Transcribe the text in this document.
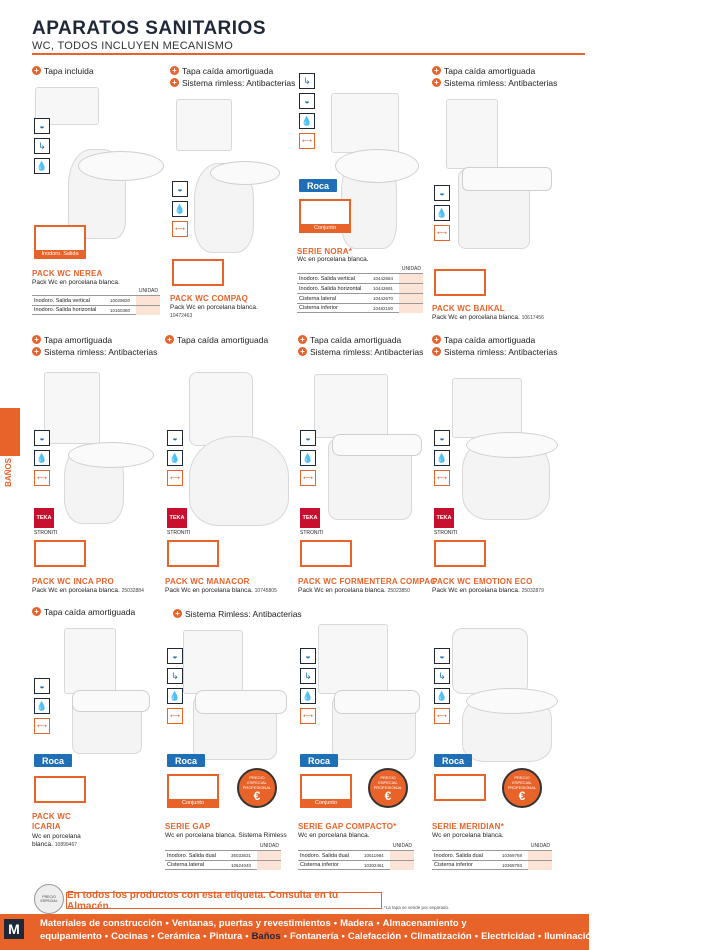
APARATOS SANITARIOS
WC, TODOS INCLUYEN MECANISMO
BAÑOS
+ Tapa incluida
◒
↳
💧
Inodoro. Salida vertical
PACK WC NEREA
Pack Wc en porcelana blanca.
UNIDAD
Inodoro. Salida vertical	10029820
Inodoro. Salida horizontal	10160380
+ Tapa caída amortiguada
+ Sistema rimless: Antibacterias
◒
💧
⟷
PACK WC COMPAQ
Pack Wc en porcelana blanca.
10472463
↳
◒
💧
⟷
Roca
Conjunto
SERIE NORA*
Wc en porcelana blanca.
UNIDAD
Inodoro. Salida vertical	10442684
Inodoro. Salida horizontal	10442691
Cisterna lateral	10442670
Cisterna inferior	10482150
+ Tapa caída amortiguada
+ Sistema rimless: Antibacterias
◒
💧
⟷
PACK WC BAIKAL
Pack Wc en porcelana blanca. 10617456
+ Tapa amortiguada
+ Sistema rimless: Antibacterias
◒
💧
⟷
TEKA
STRONITI
PACK WC INCA PRO
Pack Wc en porcelana blanca. 25032884
+ Tapa caída amortiguada
◒
💧
⟷
TEKA
STRONITI
PACK WC MANACOR
Pack Wc en porcelana blanca. 10745805
+ Tapa caída amortiguada
+ Sistema rimless: Antibacterias
◒
💧
⟷
TEKA
STRONITI
PACK WC FORMENTERA COMPAC
Pack Wc en porcelana blanca. 25023850
+ Tapa caída amortiguada
+ Sistema rimless: Antibacterias
◒
💧
⟷
TEKA
STRONITI
PACK WC EMOTION ECO
Pack Wc en porcelana blanca. 25032879
+ Tapa caída amortiguada
◒
💧
⟷
Roca
PACK WC
ICARIA
Wc en porcelana
blanca. 10899467
+ Sistema Rimless: Antibacterias
◒
↳
💧
⟷
Roca
Conjunto
PRECIO ESPECIAL PROFESIONAL
€
SERIE GAP
Wc en porcelana blanca. Sistema Rimless
UNIDAD
Inodoro. Salida dual	35033631
Cisterna lateral	10624040
◒
↳
💧
⟷
Roca
Conjunto
PRECIO ESPECIAL PROFESIONAL
€
SERIE GAP COMPACTO*
Wc en porcelana blanca.
UNIDAD
Inodoro. Salida dual	10511984
Cisterna inferior	10302461
◒
↳
💧
⟷
Roca
PRECIO ESPECIAL PROFESIONAL
€
SERIE MERIDIAN*
Wc en porcelana blanca.
UNIDAD
Inodoro. Salida dual	10369768
Cisterna inferior	10369793
PRECIO ESPECIAL
En todos los productos con esta etiqueta. Consulta en tu Almacén.	*La tapa se vende por separado.
M	Materiales de construcción • Ventanas, puertas y revestimientos • Madera • Almacenamiento y equipamiento • Cocinas • Cerámica • Pintura • Baños • Fontanería • Calefacción • Climatización • Electricidad • Iluminación • Herramientas • Ferretería
